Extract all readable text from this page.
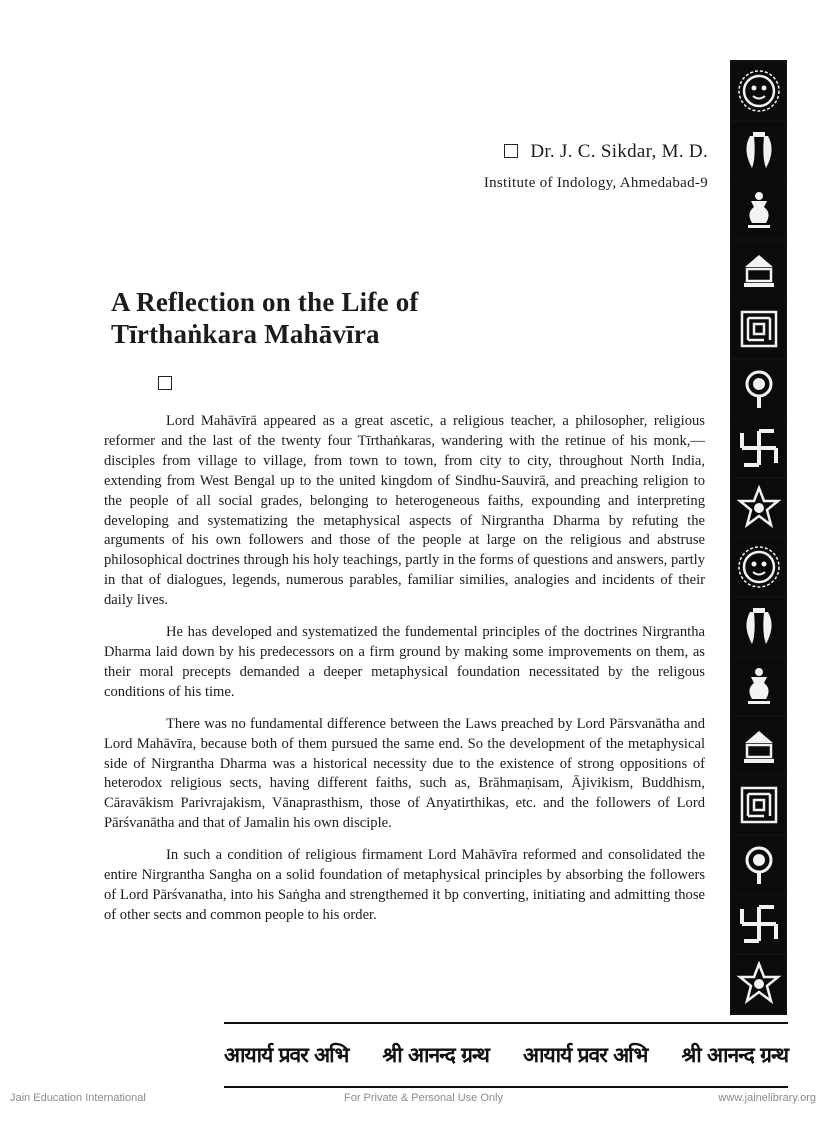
Dr. J. C. Sikdar, M. D.
Institute of Indology, Ahmedabad-9
A Reflection on the Life of
Tīrthaṅkara Mahāvīra

Lord Mahāvīrā appeared as a great ascetic, a religious teacher, a philosopher, religious reformer and the last of the twenty four Tīrthaṅkaras, wandering with the retinue of his monk,—disciples from village to village, from town to town, from city to city, throughout North India, extending from West Bengal up to the united kingdom of Sindhu-Sauvirā, and preaching religion to the people of all social grades, belonging to heterogeneous faiths, expounding and interpreting developing and systematizing the metaphysical aspects of Nirgrantha Dharma by refuting the arguments of his own followers and those of the people at large on the religious and abstruse philosophical doctrines through his holy teachings, partly in the forms of questions and answers, partly in that of dialogues, legends, numerous parables, familiar similies, analogies and incidents of their daily lives.

He has developed and systematized the fundemental principles of the doctrines Nirgrantha Dharma laid down by his predecessors on a firm ground by making some improvements on them, as their moral precepts demanded a deeper metaphysical foundation necessitated by the religous conditions of his time.

There was no fundamental difference between the Laws preached by Lord Pārsvanātha and Lord Mahāvīra, because both of them pursued the same end. So the development of the metaphysical side of Nirgrantha Dharma was a historical necessity due to the existence of strong oppositions of heterodox religious sects, having different faiths, such as, Brāhmaṇisam, Ājivikism, Buddhism, Cāravākism Parivrajakism, Vānaprasthism, those of Anyatirthikas, etc. and the followers of Lord Pārśvanātha and that of Jamalin his own disciple.

In such a condition of religious firmament Lord Mahāvīra reformed and consolidated the entire Nirgrantha Sangha on a solid foundation of metaphysical principles by absorbing the followers of Lord Pārśvanatha, into his Saṅgha and strengthemed it bp converting, initiating and admitting those of other sects and common people to his order.

आयार्य प्रवर अभि श्री आनन्द ग्रन्थ आयार्य प्रवर अभि श्री आनन्द ग्रन्थ
Jain Education International	For Private & Personal Use Only	www.jainelibrary.org
